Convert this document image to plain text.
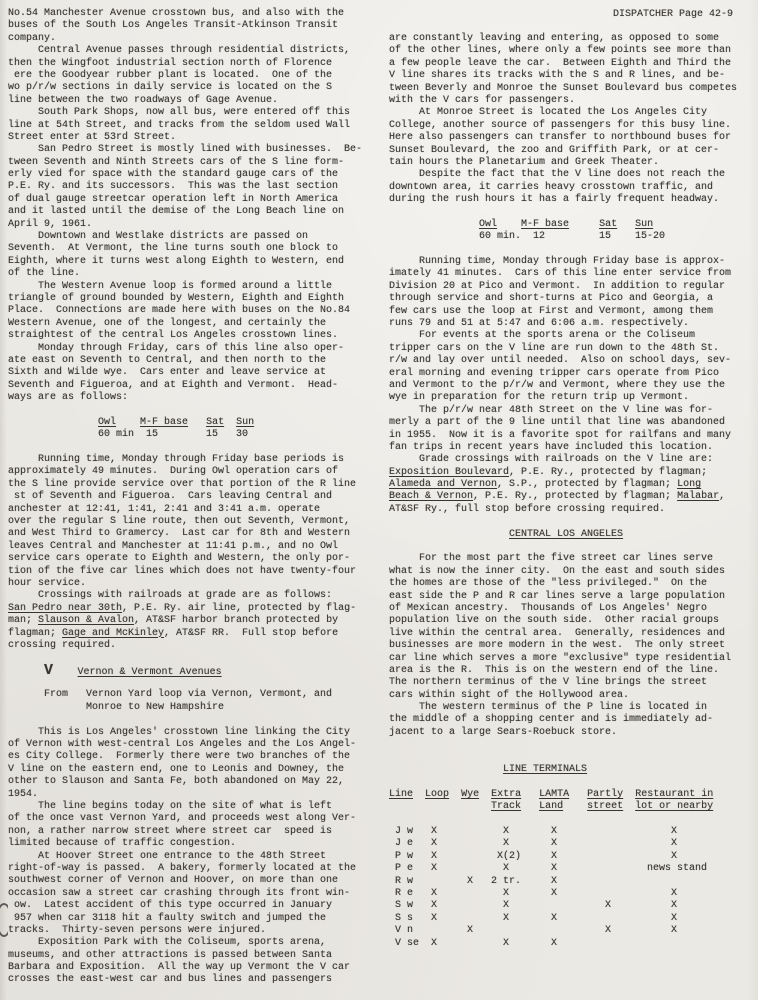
DISPATCHER Page 42-9
No.54 Manchester Avenue crosstown bus, and also with the
buses of the South Los Angeles Transit-Atkinson Transit
company.
Central Avenue passes through residential districts,
then the Wingfoot industrial section north of Florence
ere the Goodyear rubber plant is located.  One of the
wo p/r/w sections in daily service is located on the S
line between the two roadways of Gage Avenue.
South Park Shops, now all bus, were entered off this
line at 54th Street, and tracks from the seldom used Wall
Street enter at 53rd Street.
San Pedro Street is mostly lined with businesses.  Be-
tween Seventh and Ninth Streets cars of the S line form-
erly vied for space with the standard gauge cars of the
P.E. Ry. and its successors.  This was the last section
of dual gauge streetcar operation left in North America
and it lasted until the demise of the Long Beach line on
April 9, 1961.
Downtown and Westlake districts are passed on
Seventh.  At Vermont, the line turns south one block to
Eighth, where it turns west along Eighth to Western, end
of the line.
The Western Avenue loop is formed around a little
triangle of ground bounded by Western, Eighth and Eighth
Place.  Connections are made here with buses on the No.84
Western Avenue, one of the longest, and certainly the
straightest of the central Los Angeles crosstown lines.
Monday through Friday, cars of this line also oper-
ate east on Seventh to Central, and then north to the
Sixth and Wilde wye.  Cars enter and leave service at
Seventh and Figueroa, and at Eighth and Vermont.  Head-
ways are as follows:
Owl M-F base Sat Sun
60 min  15        15   30
Running time, Monday through Friday base periods is
approximately 49 minutes.  During Owl operation cars of
the S line provide service over that portion of the R line
st of Seventh and Figueroa.  Cars leaving Central and
anchester at 12:41, 1:41, 2:41 and 3:41 a.m. operate
over the regular S line route, then out Seventh, Vermont,
and West Third to Gramercy.  Last car for 8th and Western
leaves Central and Manchester at 11:41 p.m., and no Owl
service cars operate to Eighth and Western, the only por-
tion of the five car lines which does not have twenty-four
hour service.
Crossings with railroads at grade are as follows:
San Pedro near 30th, P.E. Ry. air line, protected by flag-
man; Slauson & Avalon, AT&SF harbor branch protected by
flagman; Gage and McKinley, AT&SF RR.  Full stop before
crossing required.
V Vernon & Vermont Avenues
From   Vernon Yard loop via Vernon, Vermont, and
Monroe to New Hampshire
This is Los Angeles' crosstown line linking the City
of Vernon with west-central Los Angeles and the Los Angel-
es City College.  Formerly there were two branches of the
V line on the eastern end, one to Leonis and Downey, the
other to Slauson and Santa Fe, both abandoned on May 22,
1954.
The line begins today on the site of what is left
of the once vast Vernon Yard, and proceeds west along Ver-
non, a rather narrow street where street car  speed is
limited because of traffic congestion.
At Hoover Street one entrance to the 48th Street
right-of-way is passed.  A bakery, formerly located at the
southwest corner of Vernon and Hoover, on more than one
occasion saw a street car crashing through its front win-
ow.  Latest accident of this type occurred in January
957 when car 3118 hit a faulty switch and jumped the
tracks.  Thirty-seven persons were injured.
Exposition Park with the Coliseum, sports arena,
museums, and other attractions is passed between Santa
Barbara and Exposition.  All the way up Vermont the V car
crosses the east-west car and bus lines and passengers
are constantly leaving and entering, as opposed to some
of the other lines, where only a few points see more than
a few people leave the car.  Between Eighth and Third the
V line shares its tracks with the S and R lines, and be-
tween Beverly and Monroe the Sunset Boulevard bus competes
with the V cars for passengers.
At Monroe Street is located the Los Angeles City
College, another source of passengers for this busy line.
Here also passengers can transfer to northbound buses for
Sunset Boulevard, the zoo and Griffith Park, or at cer-
tain hours the Planetarium and Greek Theater.
Despite the fact that the V line does not reach the
downtown area, it carries heavy crosstown traffic, and
during the rush hours it has a fairly frequent headway.
Owl M-F base	Sat Sun
60 min.  12         15    15-20
Running time, Monday through Friday base is approx-
imately 41 minutes.  Cars of this line enter service from
Division 20 at Pico and Vermont.  In addition to regular
through service and short-turns at Pico and Georgia, a
few cars use the loop at First and Vermont, among them
runs 79 and 51 at 5:47 and 6:06 a.m. respectively.
For events at the sports arena or the Coliseum
tripper cars on the V line are run down to the 48th St.
r/w and lay over until needed.  Also on school days, sev-
eral morning and evening tripper cars operate from Pico
and Vermont to the p/r/w and Vermont, where they use the
wye in preparation for the return trip up Vermont.
The p/r/w near 48th Street on the V line was for-
merly a part of the 9 line until that line was abandoned
in 1955.  Now it is a favorite spot for railfans and many
fan trips in recent years have included this location.
Grade crossings with railroads on the V line are:
Exposition Boulevard, P.E. Ry., protected by flagman;
Alameda and Vernon, S.P., protected by flagman; Long
Beach & Vernon, P.E. Ry., protected by flagman; Malabar,
AT&SF Ry., full stop before crossing required.
CENTRAL LOS ANGELES
For the most part the five street car lines serve
what is now the inner city.  On the east and south sides
the homes are those of the "less privileged."  On the
east side the P and R car lines serve a large population
of Mexican ancestry.  Thousands of Los Angeles' Negro
population live on the south side.  Other racial groups
live within the central area.  Generally, residences and
businesses are more modern in the west.  The only street
car line which serves a more "exclusive" type residential
area is the R.  This is on the western end of the line.
The northern terminus of the V line brings the street
cars within sight of the Hollywood area.
The western terminus of the P line is located in
the middle of a shopping center and is immediately ad-
jacent to a large Sears-Roebuck store.
LINE TERMINALS
Line Loop Wye Extra LAMTA Partly Restaurant in
Track Land street lot or nearby
J w   X           X       X                   X
J e   X           X       X                   X
P w   X          X(2)     X                   X
P e   X           X       X               news stand
R w         X   2 tr.     X
R e   X           X       X                   X
S w   X           X                X          X
S s   X           X       X                   X
V n         X                      X          X
V se  X           X       X
